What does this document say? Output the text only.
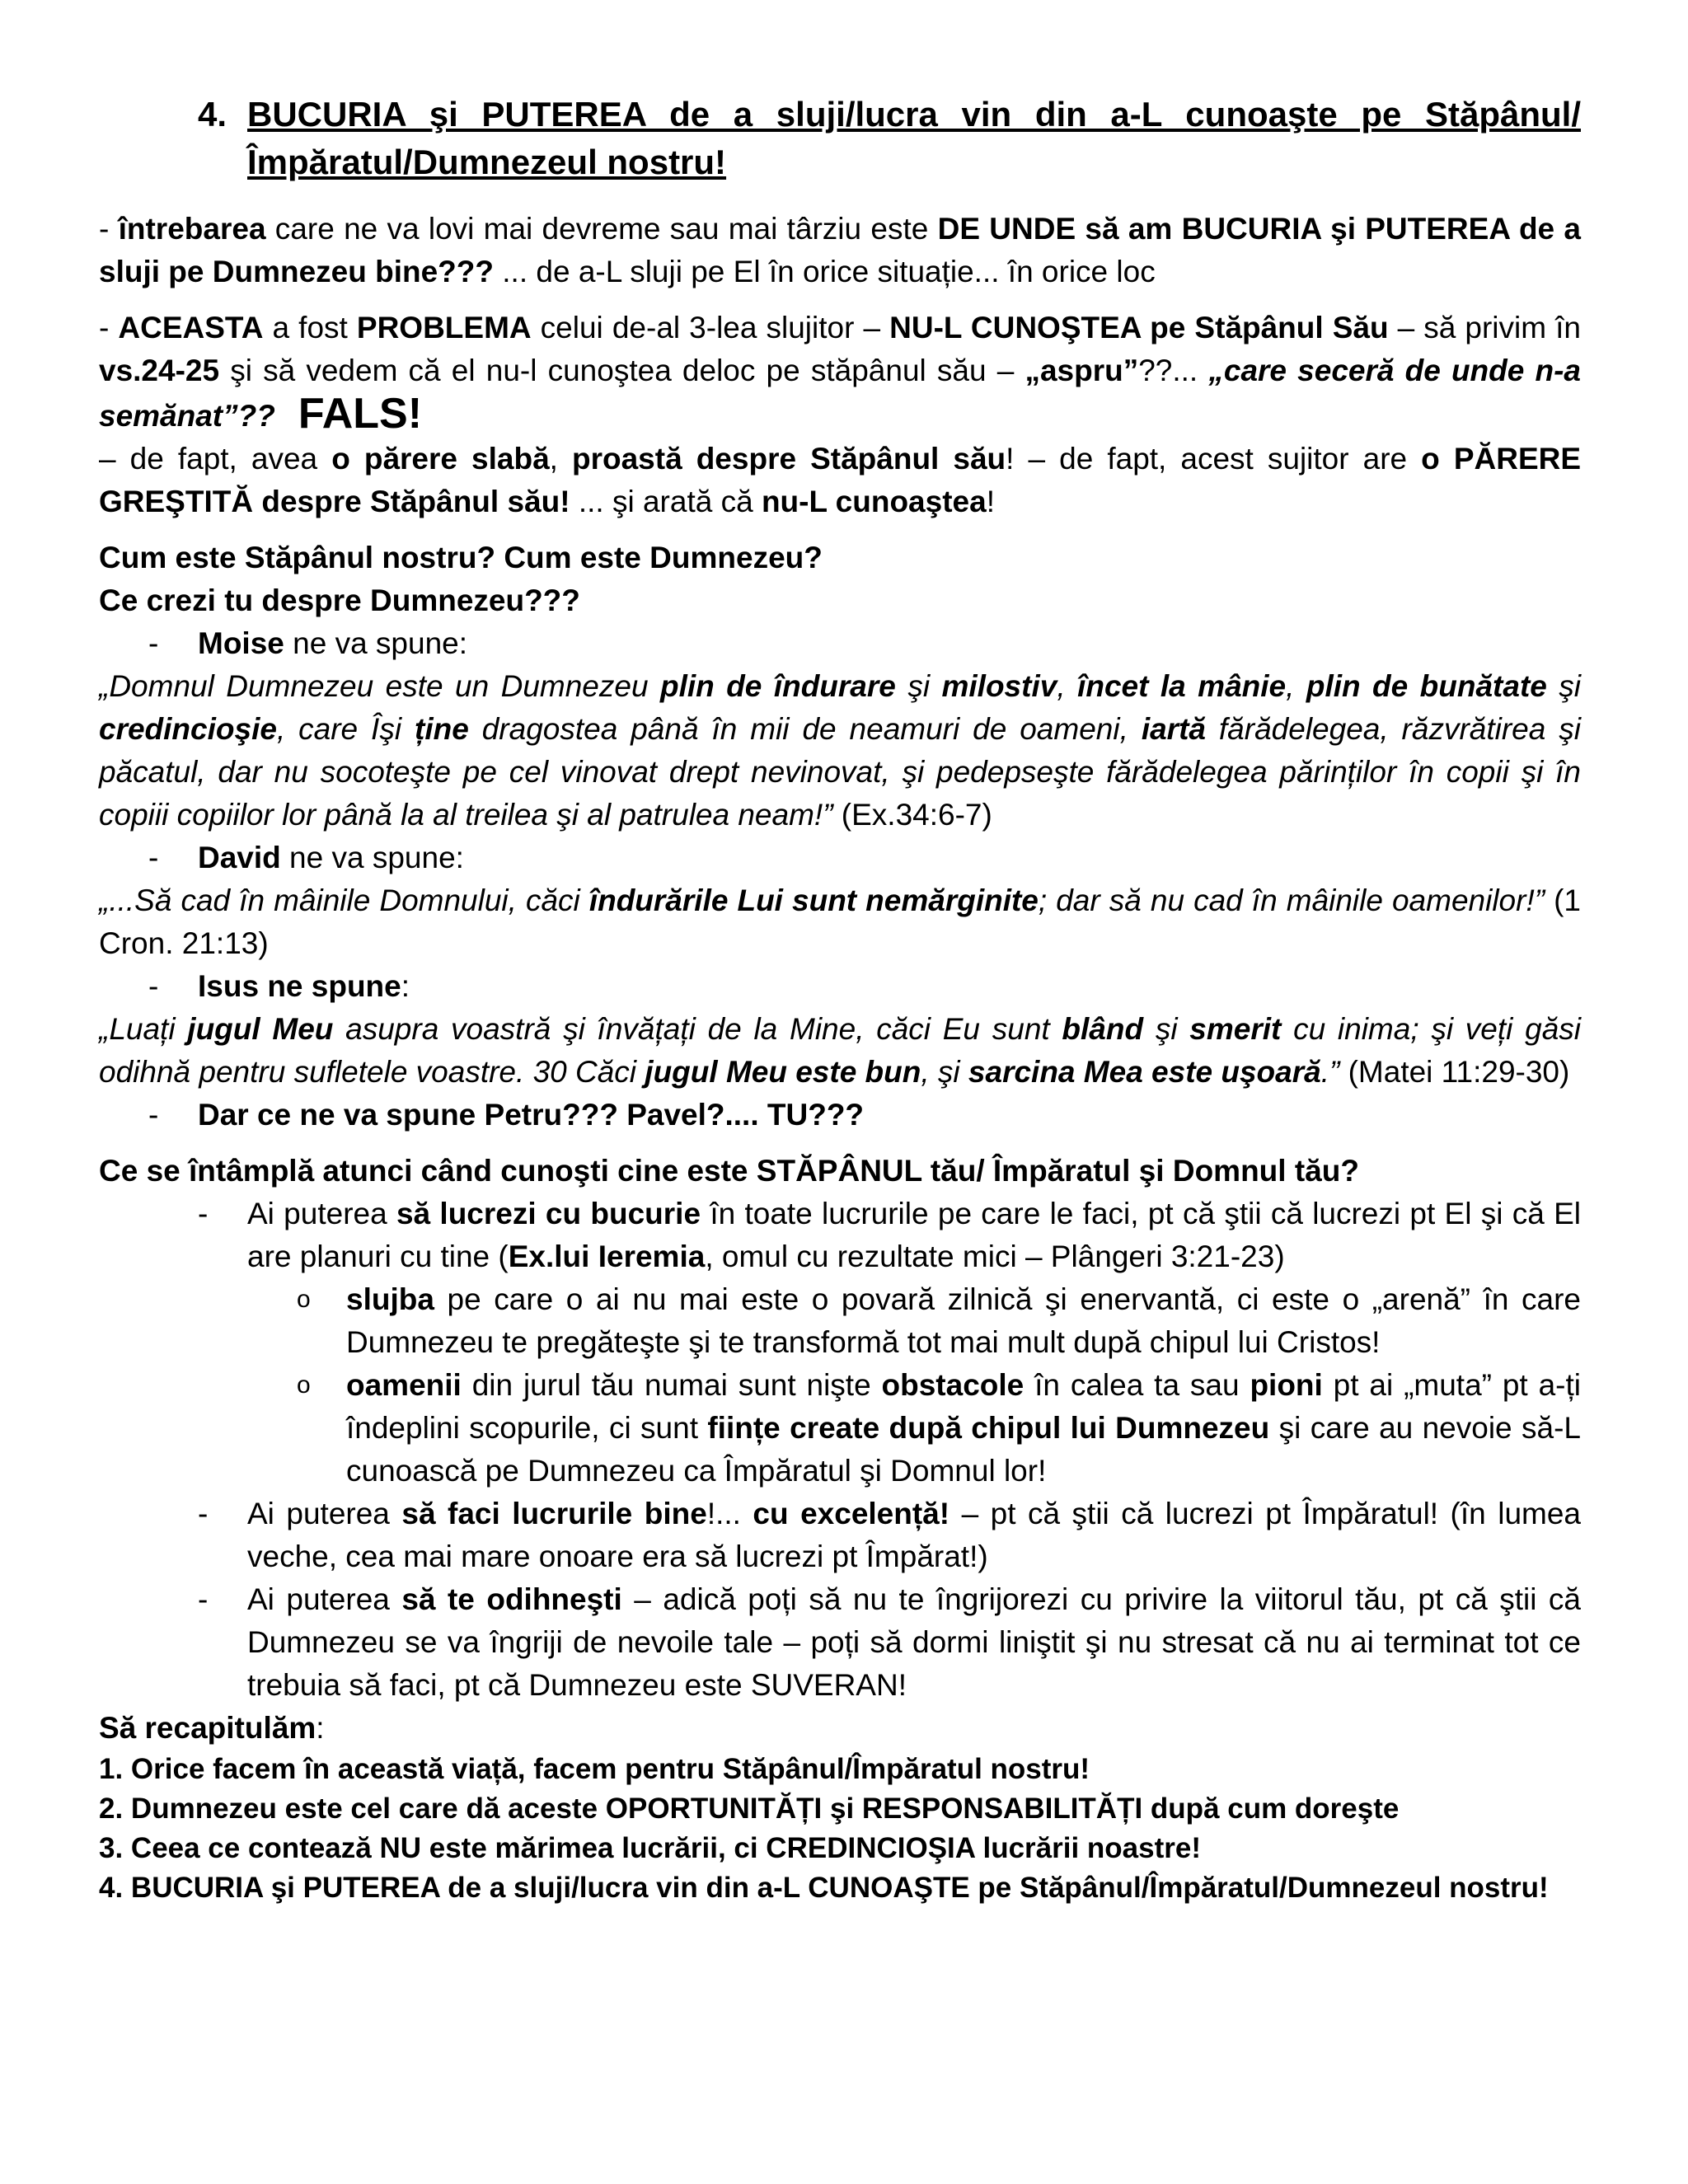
4. BUCURIA şi PUTEREA de a sluji/lucra vin din a-L cunoaşte pe Stăpânul/Împăratul/Dumnezeul nostru!

- întrebarea care ne va lovi mai devreme sau mai târziu este DE UNDE să am BUCURIA şi PUTEREA de a sluji pe Dumnezeu bine??? ... de a-L sluji pe El în orice situație... în orice loc

- ACEASTA a fost PROBLEMA celui de-al 3-lea slujitor – NU-L CUNOŞTEA pe Stăpânul Său – să privim în vs.24-25 şi să vedem că el nu-l cunoştea deloc pe stăpânul său – „aspru”??... „care seceră de unde n-a semănat”?? FALS!

– de fapt, avea o părere slabă, proastă despre Stăpânul său! – de fapt, acest sujitor are o PĂRERE GREŞTITĂ despre Stăpânul său! ... şi arată că nu-L cunoaştea!

Cum este Stăpânul nostru? Cum este Dumnezeu?

Ce crezi tu despre Dumnezeu???

-	Moise ne va spune:

„Domnul Dumnezeu este un Dumnezeu plin de îndurare şi milostiv, încet la mânie, plin de bunătate şi credincioşie, care Îşi ține dragostea până în mii de neamuri de oameni, iartă fărădelegea, răzvrătirea şi păcatul, dar nu socoteşte pe cel vinovat drept nevinovat, şi pedepseşte fărădelegea părinților în copii şi în copiii copiilor lor până la al treilea şi al patrulea neam!” (Ex.34:6-7)

-	David ne va spune:

„...Să cad în mâinile Domnului, căci îndurările Lui sunt nemărginite; dar să nu cad în mâinile oamenilor!” (1 Cron. 21:13)

-	Isus ne spune:

„Luați jugul Meu asupra voastră şi învățați de la Mine, căci Eu sunt blând şi smerit cu inima; şi veți găsi odihnă pentru sufletele voastre. 30 Căci jugul Meu este bun, şi sarcina Mea este uşoară.” (Matei 11:29-30)

-	Dar ce ne va spune Petru??? Pavel?.... TU???

Ce se întâmplă atunci când cunoşti cine este STĂPÂNUL tău/ Împăratul şi Domnul tău?

-	Ai puterea să lucrezi cu bucurie în toate lucrurile pe care le faci, pt că ştii că lucrezi pt El şi că El are planuri cu tine (Ex.lui Ieremia, omul cu rezultate mici – Plângeri 3:21-23)
o	slujba pe care o ai nu mai este o povară zilnică şi enervantă, ci este o „arenă” în care Dumnezeu te pregăteşte şi te transformă tot mai mult după chipul lui Cristos!
o	oamenii din jurul tău numai sunt nişte obstacole în calea ta sau pioni pt ai „muta” pt a-ți îndeplini scopurile, ci sunt ființe create după chipul lui Dumnezeu şi care au nevoie să-L cunoască pe Dumnezeu ca Împăratul şi Domnul lor!
-	Ai puterea să faci lucrurile bine!... cu excelență! – pt că ştii că lucrezi pt Împăratul! (în lumea veche, cea mai mare onoare era să lucrezi pt Împărat!)
-	Ai puterea să te odihneşti – adică poți să nu te îngrijorezi cu privire la viitorul tău, pt că ştii că Dumnezeu se va îngriji de nevoile tale – poți să dormi liniştit şi nu stresat că nu ai terminat tot ce trebuia să faci, pt că Dumnezeu este SUVERAN!

Să recapitulăm:

1. Orice facem în această viață, facem pentru Stăpânul/Împăratul nostru!

2. Dumnezeu este cel care dă aceste OPORTUNITĂȚI şi RESPONSABILITĂȚI după cum doreşte

3. Ceea ce contează NU este mărimea lucrării, ci CREDINCIOŞIA lucrării noastre!

4. BUCURIA şi PUTEREA de a sluji/lucra vin din a-L CUNOAŞTE pe Stăpânul/Împăratul/Dumnezeul nostru!
